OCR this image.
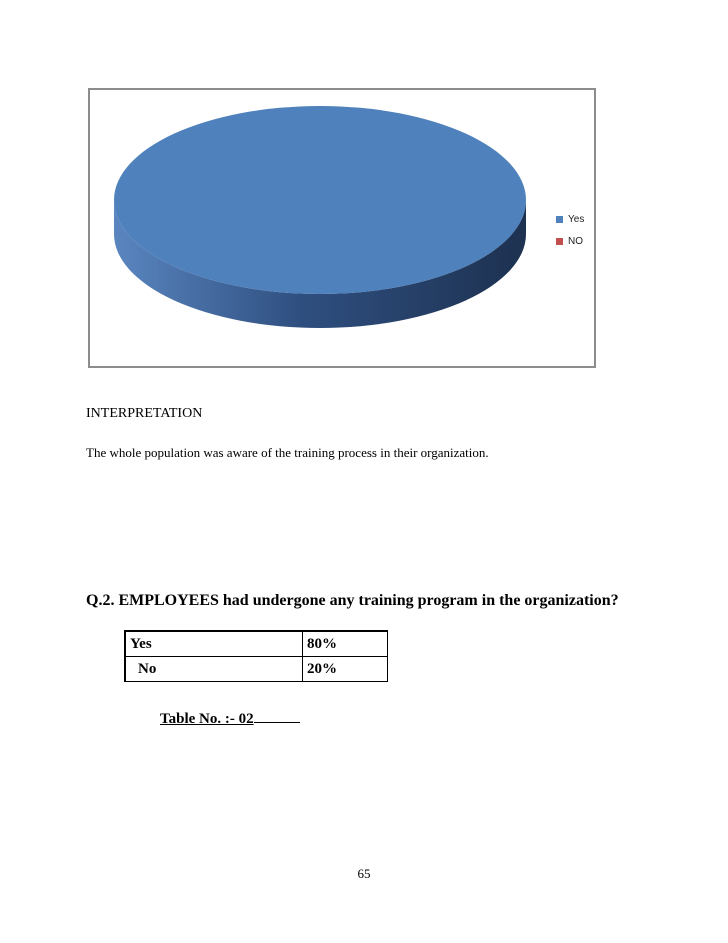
Yes
NO
INTERPRETATION
The whole population was aware of the training process in their organization.
Q.2. EMPLOYEES had undergone any training program in the organization?
Yes	80%
No	20%
Table No. :- 02
65
